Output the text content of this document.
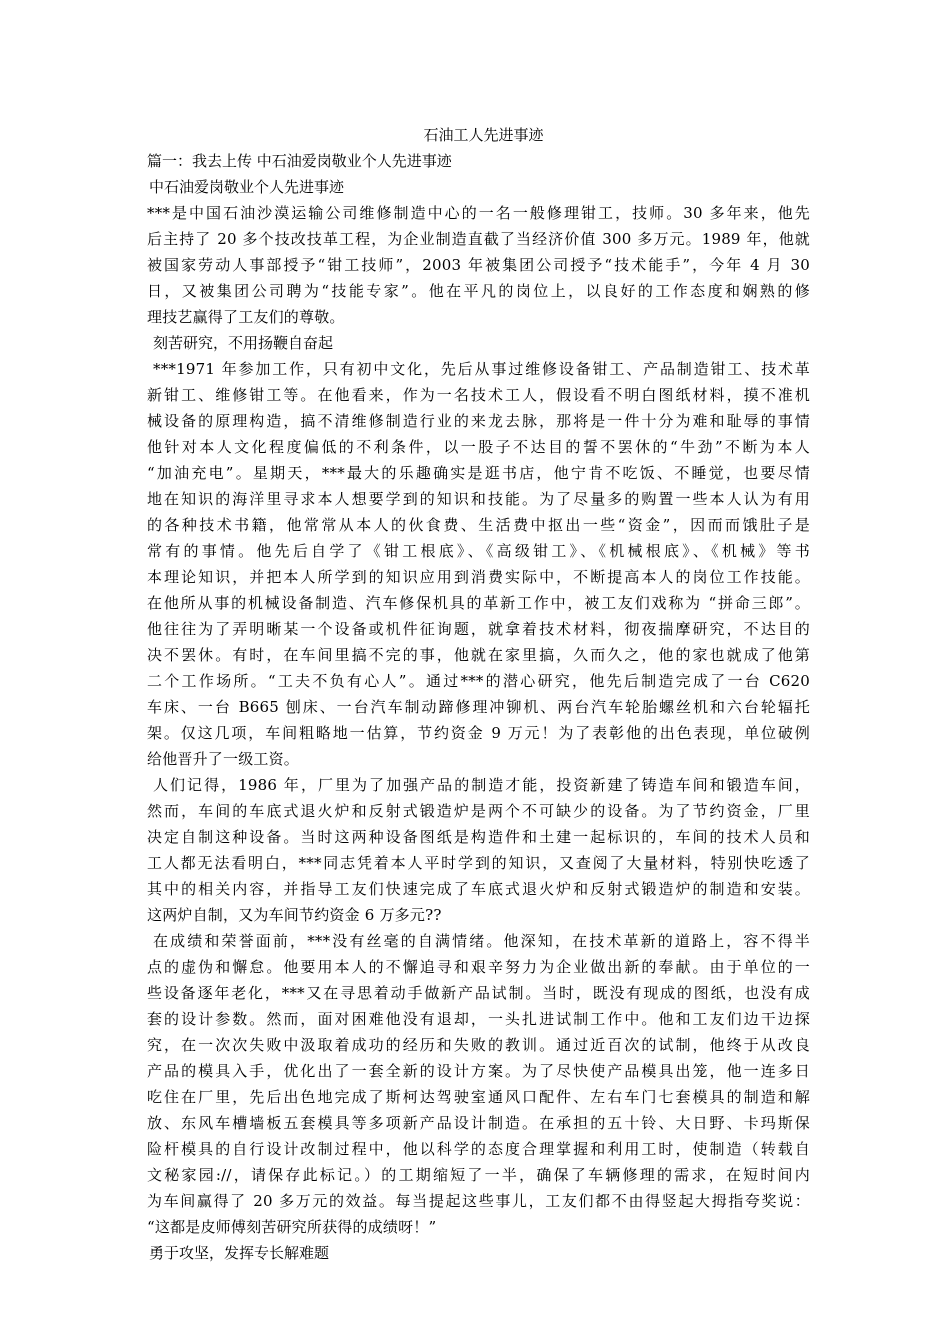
石油工人先进事迹
篇一：我去上传 中石油爱岗敬业个人先进事迹
中石油爱岗敬业个人先进事迹
***是中国石油沙漠运输公司维修制造中心的一名一般修理钳工，技师。30 多年来，他先
后主持了 20 多个技改技革工程，为企业制造直截了当经济价值 300 多万元。1989 年，他就
被国家劳动人事部授予“钳工技师”，2003 年被集团公司授予“技术能手”，今年 4 月 30
日，又被集团公司聘为“技能专家”。他在平凡的岗位上，以良好的工作态度和娴熟的修
理技艺赢得了工友们的尊敬。
刻苦研究，不用扬鞭自奋起
***1971 年参加工作，只有初中文化，先后从事过维修设备钳工、产品制造钳工、技术革
新钳工、维修钳工等。在他看来，作为一名技术工人，假设看不明白图纸材料，摸不准机
械设备的原理构造，搞不清维修制造行业的来龙去脉，那将是一件十分为难和耻辱的事情
他针对本人文化程度偏低的不利条件，以一股子不达目的誓不罢休的“牛劲”不断为本人
“加油充电”。星期天，***最大的乐趣确实是逛书店，他宁肯不吃饭、不睡觉，也要尽情
地在知识的海洋里寻求本人想要学到的知识和技能。为了尽量多的购置一些本人认为有用
的各种技术书籍，他常常从本人的伙食费、生活费中抠出一些“资金”，因而而饿肚子是
常有的事情。他先后自学了《钳工根底》、《高级钳工》、《机械根底》、《机械》等书
本理论知识，并把本人所学到的知识应用到消费实际中，不断提高本人的岗位工作技能。
在他所从事的机械设备制造、汽车修保机具的革新工作中，被工友们戏称为 “拼命三郎”。
他往往为了弄明晰某一个设备或机件征询题，就拿着技术材料，彻夜揣摩研究，不达目的
决不罢休。有时，在车间里搞不完的事，他就在家里搞，久而久之，他的家也就成了他第
二个工作场所。“工夫不负有心人”。通过***的潜心研究，他先后制造完成了一台 C620
车床、一台 B665 刨床、一台汽车制动蹄修理冲铆机、两台汽车轮胎螺丝机和六台轮辐托
架。仅这几项，车间粗略地一估算，节约资金 9 万元！为了表彰他的出色表现，单位破例
给他晋升了一级工资。
人们记得，1986 年，厂里为了加强产品的制造才能，投资新建了铸造车间和锻造车间，
然而，车间的车底式退火炉和反射式锻造炉是两个不可缺少的设备。为了节约资金，厂里
决定自制这种设备。当时这两种设备图纸是构造件和土建一起标识的，车间的技术人员和
工人都无法看明白，***同志凭着本人平时学到的知识，又查阅了大量材料，特别快吃透了
其中的相关内容，并指导工友们快速完成了车底式退火炉和反射式锻造炉的制造和安装。
这两炉自制，又为车间节约资金 6 万多元??
在成绩和荣誉面前，***没有丝毫的自满情绪。他深知，在技术革新的道路上，容不得半
点的虚伪和懈怠。他要用本人的不懈追寻和艰辛努力为企业做出新的奉献。由于单位的一
些设备逐年老化，***又在寻思着动手做新产品试制。当时，既没有现成的图纸，也没有成
套的设计参数。然而，面对困难他没有退却，一头扎进试制工作中。他和工友们边干边探
究，在一次次失败中汲取着成功的经历和失败的教训。通过近百次的试制，他终于从改良
产品的模具入手，优化出了一套全新的设计方案。为了尽快使产品模具出笼，他一连多日
吃住在厂里，先后出色地完成了斯柯达驾驶室通风口配件、左右车门七套模具的制造和解
放、东风车槽墙板五套模具等多项新产品设计制造。在承担的五十铃、大日野、卡玛斯保
险杆模具的自行设计改制过程中，他以科学的态度合理掌握和利用工时，使制造（转载自
文秘家园://，请保存此标记。）的工期缩短了一半，确保了车辆修理的需求，在短时间内
为车间赢得了 20 多万元的效益。每当提起这些事儿，工友们都不由得竖起大拇指夸奖说：
“这都是皮师傅刻苦研究所获得的成绩呀！”
勇于攻坚，发挥专长解难题
